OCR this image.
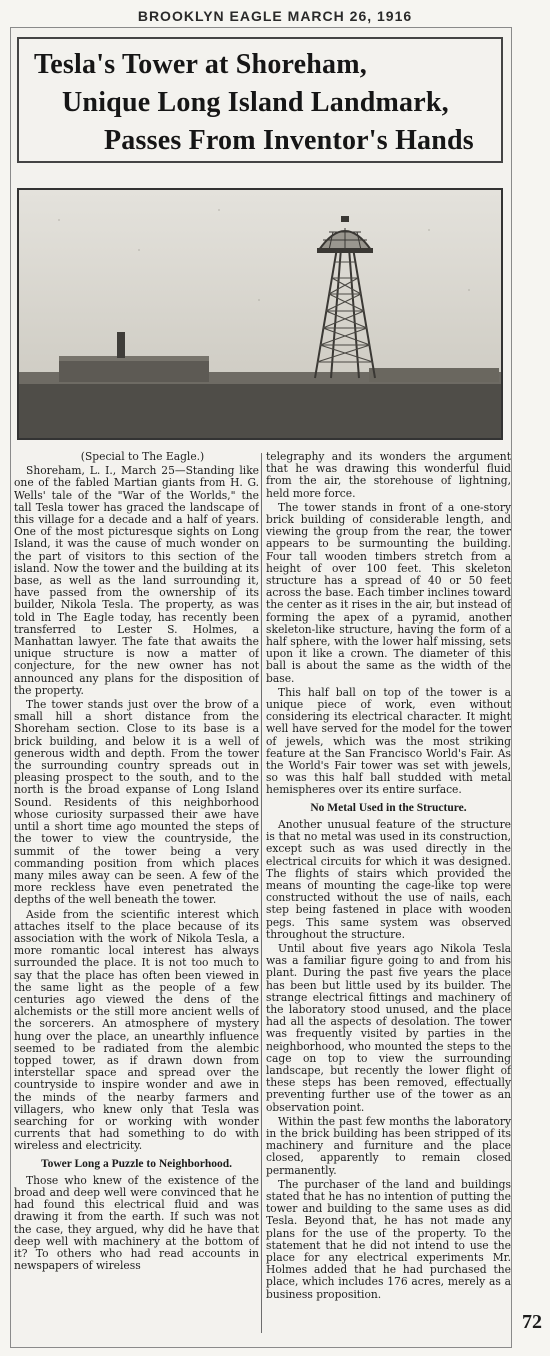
BROOKLYN EAGLE MARCH 26, 1916
Tesla's Tower at Shoreham,
Unique Long Island Landmark,
Passes From Inventor's Hands

(Special to The Eagle.)

Shoreham, L. I., March 25—Standing like one of the fabled Martian giants from H. G. Wells' tale of the "War of the Worlds," the tall Tesla tower has graced the landscape of this village for a decade and a half of years. One of the most picturesque sights on Long Island, it was the cause of much wonder on the part of visitors to this section of the island. Now the tower and the building at its base, as well as the land surrounding it, have passed from the ownership of its builder, Nikola Tesla. The property, as was told in The Eagle today, has recently been transferred to Lester S. Holmes, a Manhattan lawyer. The fate that awaits the unique structure is now a matter of conjecture, for the new owner has not announced any plans for the disposition of the property.

The tower stands just over the brow of a small hill a short distance from the Shoreham section. Close to its base is a brick building, and below it is a well of generous width and depth. From the tower the surrounding country spreads out in pleasing prospect to the south, and to the north is the broad expanse of Long Island Sound. Residents of this neighborhood whose curiosity surpassed their awe have until a short time ago mounted the steps of the tower to view the countryside, the summit of the tower being a very commanding position from which places many miles away can be seen. A few of the more reckless have even penetrated the depths of the well beneath the tower.

Aside from the scientific interest which attaches itself to the place because of its association with the work of Nikola Tesla, a more romantic local interest has always surrounded the place. It is not too much to say that the place has often been viewed in the same light as the people of a few centuries ago viewed the dens of the alchemists or the still more ancient wells of the sorcerers. An atmosphere of mystery hung over the place, an unearthly influence seemed to be radiated from the alembic topped tower, as if drawn down from interstellar space and spread over the countryside to inspire wonder and awe in the minds of the nearby farmers and villagers, who knew only that Tesla was searching for or working with wonder currents that had something to do with wireless and electricity.

Tower Long a Puzzle to Neighborhood.

Those who knew of the existence of the broad and deep well were convinced that he had found this electrical fluid and was drawing it from the earth. If such was not the case, they argued, why did he have that deep well with machinery at the bottom of it? To others who had read accounts in newspapers of wireless

telegraphy and its wonders the argument that he was drawing this wonderful fluid from the air, the storehouse of lightning, held more force.

The tower stands in front of a one-story brick building of considerable length, and viewing the group from the rear, the tower appears to be surmounting the building. Four tall wooden timbers stretch from a height of over 100 feet. This skeleton structure has a spread of 40 or 50 feet across the base. Each timber inclines toward the center as it rises in the air, but instead of forming the apex of a pyramid, another skeleton-like structure, having the form of a half sphere, with the lower half missing, sets upon it like a crown. The diameter of this ball is about the same as the width of the base.

This half ball on top of the tower is a unique piece of work, even without considering its electrical character. It might well have served for the model for the tower of jewels, which was the most striking feature at the San Francisco World's Fair. As the World's Fair tower was set with jewels, so was this half ball studded with metal hemispheres over its entire surface.

No Metal Used in the Structure.

Another unusual feature of the structure is that no metal was used in its construction, except such as was used directly in the electrical circuits for which it was designed. The flights of stairs which provided the means of mounting the cage-like top were constructed without the use of nails, each step being fastened in place with wooden pegs. This same system was observed throughout the structure.

Until about five years ago Nikola Tesla was a familiar figure going to and from his plant. During the past five years the place has been but little used by its builder. The strange electrical fittings and machinery of the laboratory stood unused, and the place had all the aspects of desolation. The tower was frequently visited by parties in the neighborhood, who mounted the steps to the cage on top to view the surrounding landscape, but recently the lower flight of these steps has been removed, effectually preventing further use of the tower as an observation point.

Within the past few months the laboratory in the brick building has been stripped of its machinery and furniture and the place closed, apparently to remain closed permanently.

The purchaser of the land and buildings stated that he has no intention of putting the tower and building to the same uses as did Tesla. Beyond that, he has not made any plans for the use of the property. To the statement that he did not intend to use the place for any electrical experiments Mr. Holmes added that he had purchased the place, which includes 176 acres, merely as a business proposition.

72
